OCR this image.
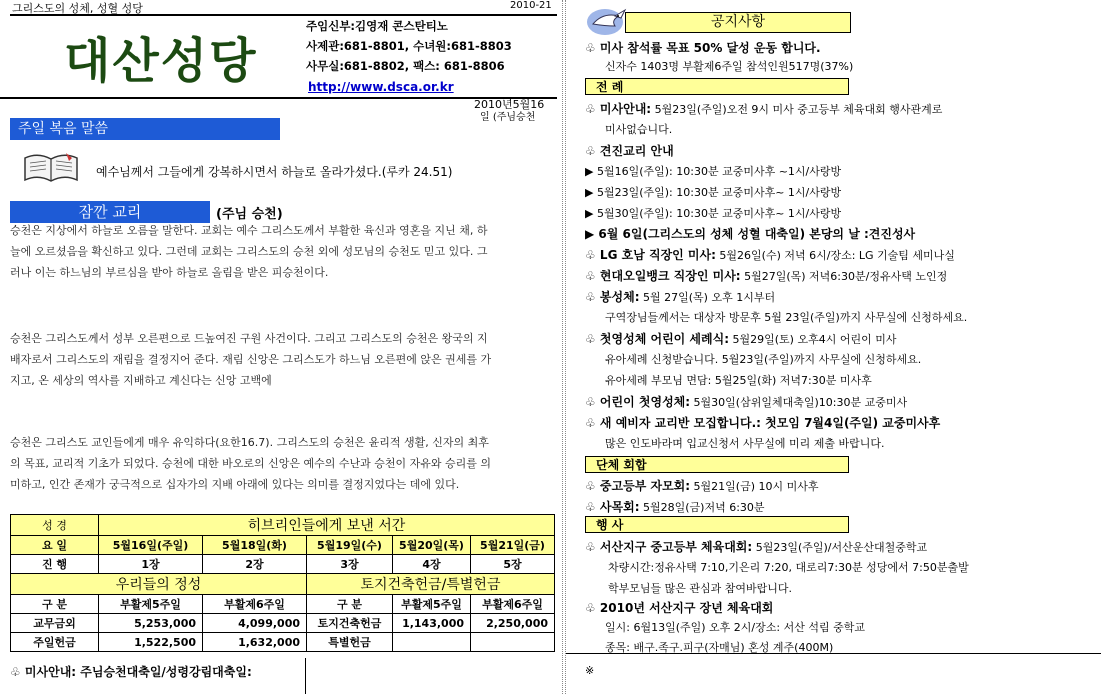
그리스도의 성체, 성혈 성당	2010-21
대산성당
주임신부:김영재 콘스탄티노
사제관:681-8801, 수녀원:681-8803
사무실:681-8802, 팩스: 681-8806
http://www.dsca.or.kr
2010년5월16
일 (주님승천
주일 복음 말씀
예수님께서 그들에게 강복하시면서 하늘로 올라가셨다.(루카 24.51)
잠깐 교리	(주님 승천)
승천은 지상에서 하늘로 오름을 말한다. 교회는 예수 그리스도께서 부활한 육신과 영혼을 지닌 채, 하늘에 오르셨음을 확신하고 있다. 그런데 교회는 그리스도의 승천 외에 성모님의 승천도 믿고 있다. 그러나 이는 하느님의 부르심을 받아 하늘로 올림을 받은 피승천이다.
승천은 그리스도께서 성부 오른편으로 드높여진 구원 사건이다. 그리고 그리스도의 승천은 왕국의 지배자로서 그리스도의 재림을 결정지어 준다. 재림 신앙은 그리스도가 하느님 오른편에 앉은 권세를 가지고, 온 세상의 역사를 지배하고 계신다는 신앙 고백에
승천은 그리스도 교인들에게 매우 유익하다(요한16.7). 그리스도의 승천은 윤리적 생활, 신자의 최후의 목표, 교리적 기초가 되었다. 승천에 대한 바오로의 신앙은 예수의 수난과 승천이 자유와 승리를 의미하고, 인간 존재가 궁극적으로 십자가의 지배 아래에 있다는 의미를 결정지었다는 데에 있다.
성 경	히브리인들에게 보낸 서간				
요 일	5월16일(주일)	5월18일(화)	5월19일(수)	5월20일(목)	5월21일(금)
진 행	1장	2장	3장	4장	5장
우리들의 정성			토지건축헌금/특별헌금		
구 분	부활제5주일	부활제6주일	구 분	부활제5주일	부활제6주일
교무금외	5,253,000	4,099,000	토지건축헌금	1,143,000	2,250,000
주일헌금	1,522,500	1,632,000	특별헌금		
♧ 미사안내: 주님승천대축일/성령강림대축일:
공지사항
♧ 미사 참석률 목표 50% 달성 운동 합니다.
신자수 1403명 부활제6주일 참석인원517명(37%)
전 례
♧ 미사안내: 5월23일(주일)오전 9시 미사 중고등부 체육대회 행사관계로
미사없습니다.
♧ 견진교리 안내
▶ 5월16일(주일): 10:30분 교중미사후 ~1시/사랑방
▶ 5월23일(주일): 10:30분 교중미사후~ 1시/사랑방
▶ 5월30일(주일): 10:30분 교중미사후~ 1시/사랑방
▶ 6월 6일(그리스도의 성체 성혈 대축일) 본당의 날 :견진성사
♧ LG 호남 직장인 미사: 5월26일(수) 저녁 6시/장소: LG 기술팀 세미나실
♧ 현대오일뱅크 직장인 미사: 5월27일(목) 저녁6:30분/정유사택 노인정
♧ 봉성체: 5월 27일(목) 오후 1시부터
구역장님들께서는 대상자 방문후 5월 23일(주일)까지 사무실에 신청하세요.
♧ 첫영성체 어린이 세례식: 5월29일(토) 오후4시 어린이 미사
유아세례 신청받습니다. 5월23일(주일)까지 사무실에 신청하세요.
유아세례 부모님 면담: 5월25일(화) 저녁7:30분 미사후
♧ 어린이 첫영성체: 5월30일(삼위일체대축일)10:30분 교중미사
♧ 새 예비자 교리반 모집합니다.: 첫모임 7월4일(주일) 교중미사후
많은 인도바라며 입교신청서 사무실에 미리 제출 바랍니다.
단체 회합
♧ 중고등부 자모회: 5월21일(금) 10시 미사후
♧ 사목회: 5월28일(금)저녁 6:30분
행 사
♧ 서산지구 중고등부 체육대회: 5월23일(주일)/서산운산대철중학교
차량시간:정유사택 7:10,기은리 7:20, 대로리7:30분 성당에서 7:50분출발
학부모님들 많은 관심과 참여바랍니다.
♧ 2010년 서산지구 장년 체육대회
일시: 6월13일(주일) 오후 2시/장소: 서산 석림 중학교
종목: 배구.족구.피구(자매님) 혼성 계주(400M)
※
